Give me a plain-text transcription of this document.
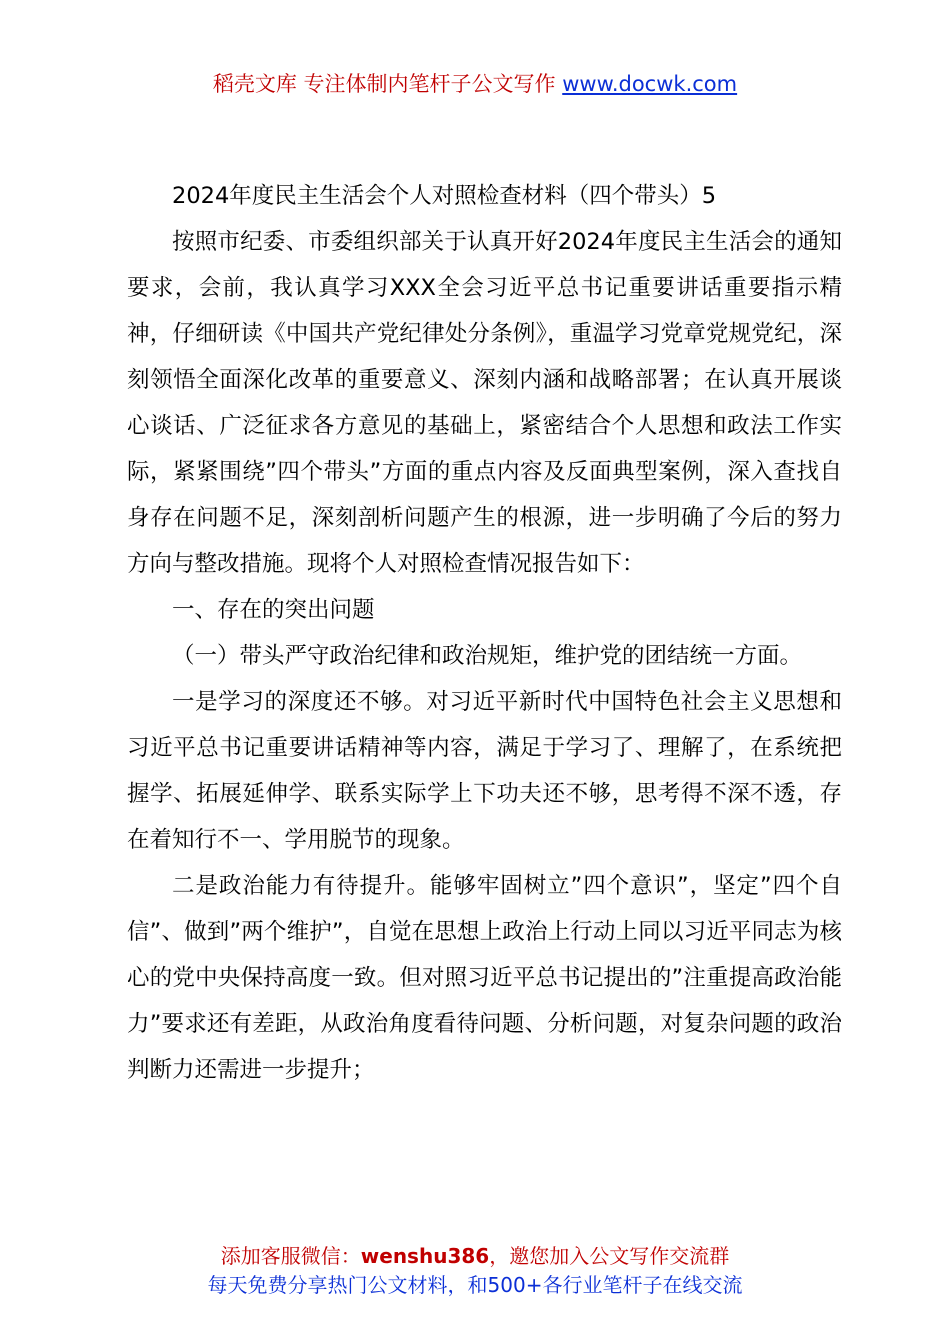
稻壳文库 专注体制内笔杆子公文写作 www.docwk.com

2024年度民主生活会个人对照检查材料（四个带头）5

按照市纪委、市委组织部关于认真开好2024年度民主生活会的通知要求，会前，我认真学习XXX全会习近平总书记重要讲话重要指示精神，仔细研读《中国共产党纪律处分条例》，重温学习党章党规党纪，深刻领悟全面深化改革的重要意义、深刻内涵和战略部署；在认真开展谈心谈话、广泛征求各方意见的基础上，紧密结合个人思想和政法工作实际，紧紧围绕”四个带头”方面的重点内容及反面典型案例，深入查找自身存在问题不足，深刻剖析问题产生的根源，进一步明确了今后的努力方向与整改措施。现将个人对照检查情况报告如下：

一、存在的突出问题

（一）带头严守政治纪律和政治规矩，维护党的团结统一方面。

一是学习的深度还不够。对习近平新时代中国特色社会主义思想和习近平总书记重要讲话精神等内容，满足于学习了、理解了，在系统把握学、拓展延伸学、联系实际学上下功夫还不够，思考得不深不透，存在着知行不一、学用脱节的现象。

二是政治能力有待提升。能够牢固树立”四个意识”，坚定”四个自信”、做到”两个维护”，自觉在思想上政治上行动上同以习近平同志为核心的党中央保持高度一致。但对照习近平总书记提出的”注重提高政治能力”要求还有差距，从政治角度看待问题、分析问题，对复杂问题的政治判断力还需进一步提升；

添加客服微信：wenshu386，邀您加入公文写作交流群
每天免费分享热门公文材料，和500+各行业笔杆子在线交流
